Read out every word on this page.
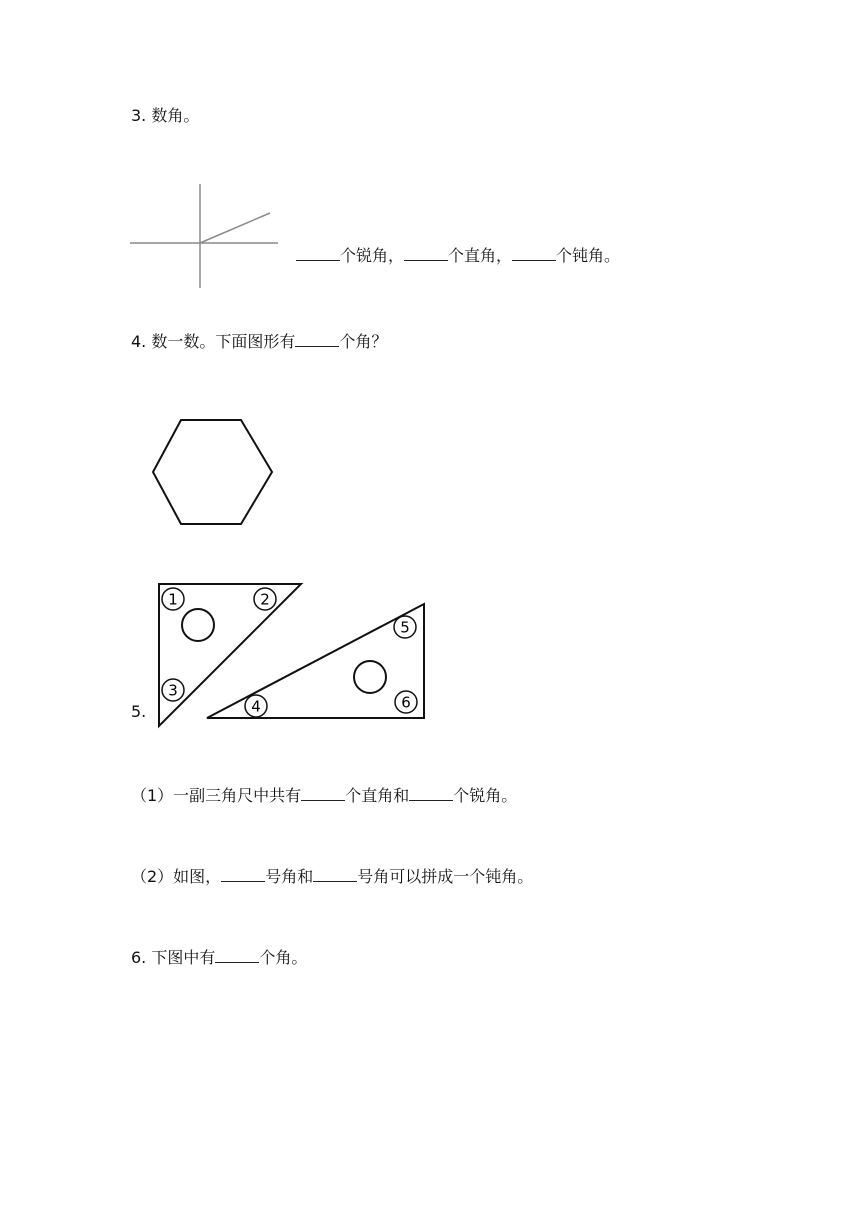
3. 数角。
个锐角，	个直角，	个钝角。
4. 数一数。下面图形有	个角？
5.
1	2
3
4
5
6
（1）一副三角尺中共有	个直角和	个锐角。
（2）如图，	号角和	号角可以拼成一个钝角。
6. 下图中有	个角。
